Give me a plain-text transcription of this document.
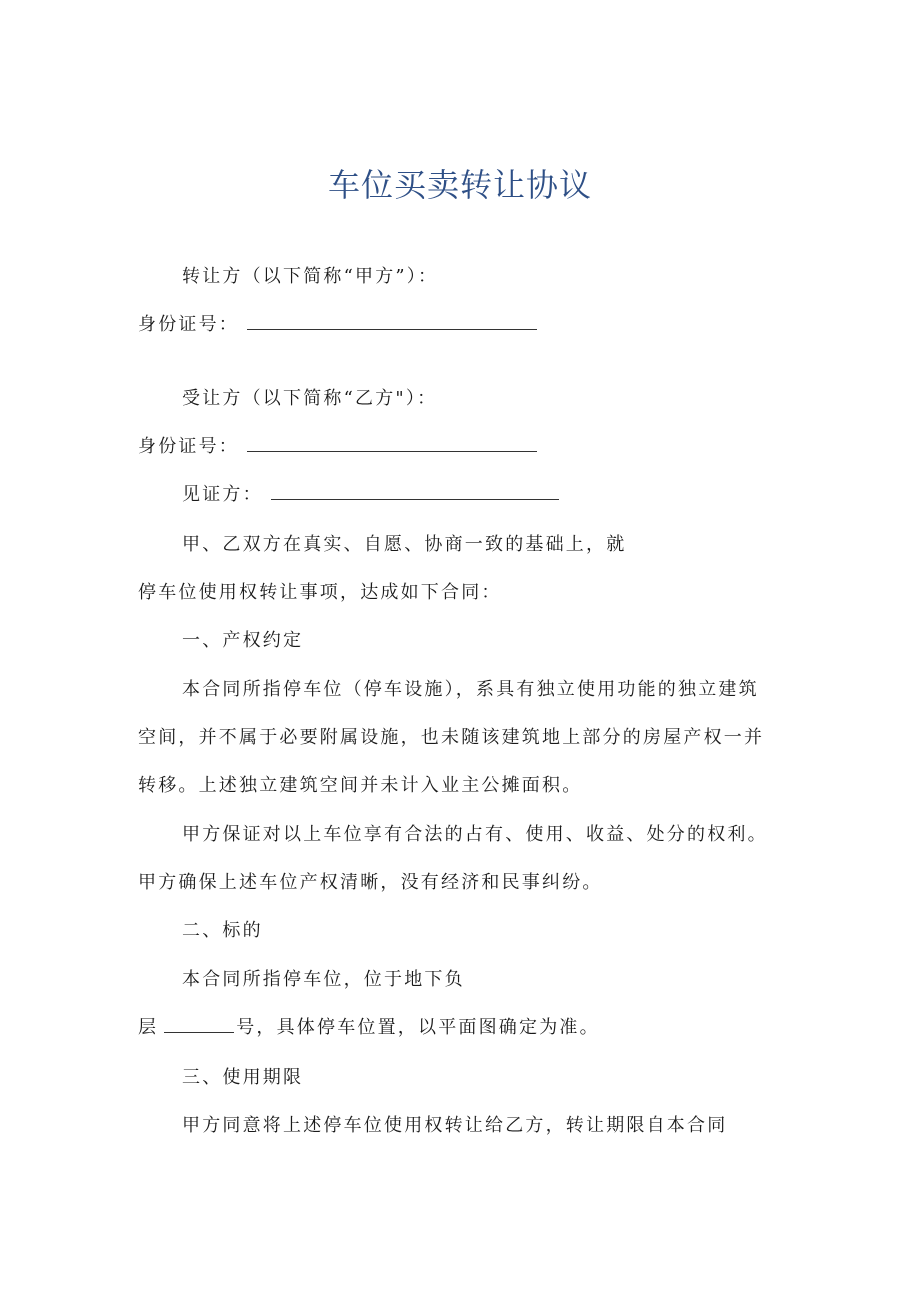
车位买卖转让协议
转让方（以下简称“甲方”）：
身份证号：
受让方（以下简称“乙方"）：
身份证号：
见证方：
甲、乙双方在真实、自愿、协商一致的基础上，就
停车位使用权转让事项，达成如下合同：
一、产权约定
本合同所指停车位（停车设施），系具有独立使用功能的独立建筑
空间，并不属于必要附属设施，也未随该建筑地上部分的房屋产权一并
转移。上述独立建筑空间并未计入业主公摊面积。
甲方保证对以上车位享有合法的占有、使用、收益、处分的权利。
甲方确保上述车位产权清晰，没有经济和民事纠纷。
二、标的
本合同所指停车位，位于地下负
层	号，具体停车位置，以平面图确定为准。
三、使用期限
甲方同意将上述停车位使用权转让给乙方，转让期限自本合同
